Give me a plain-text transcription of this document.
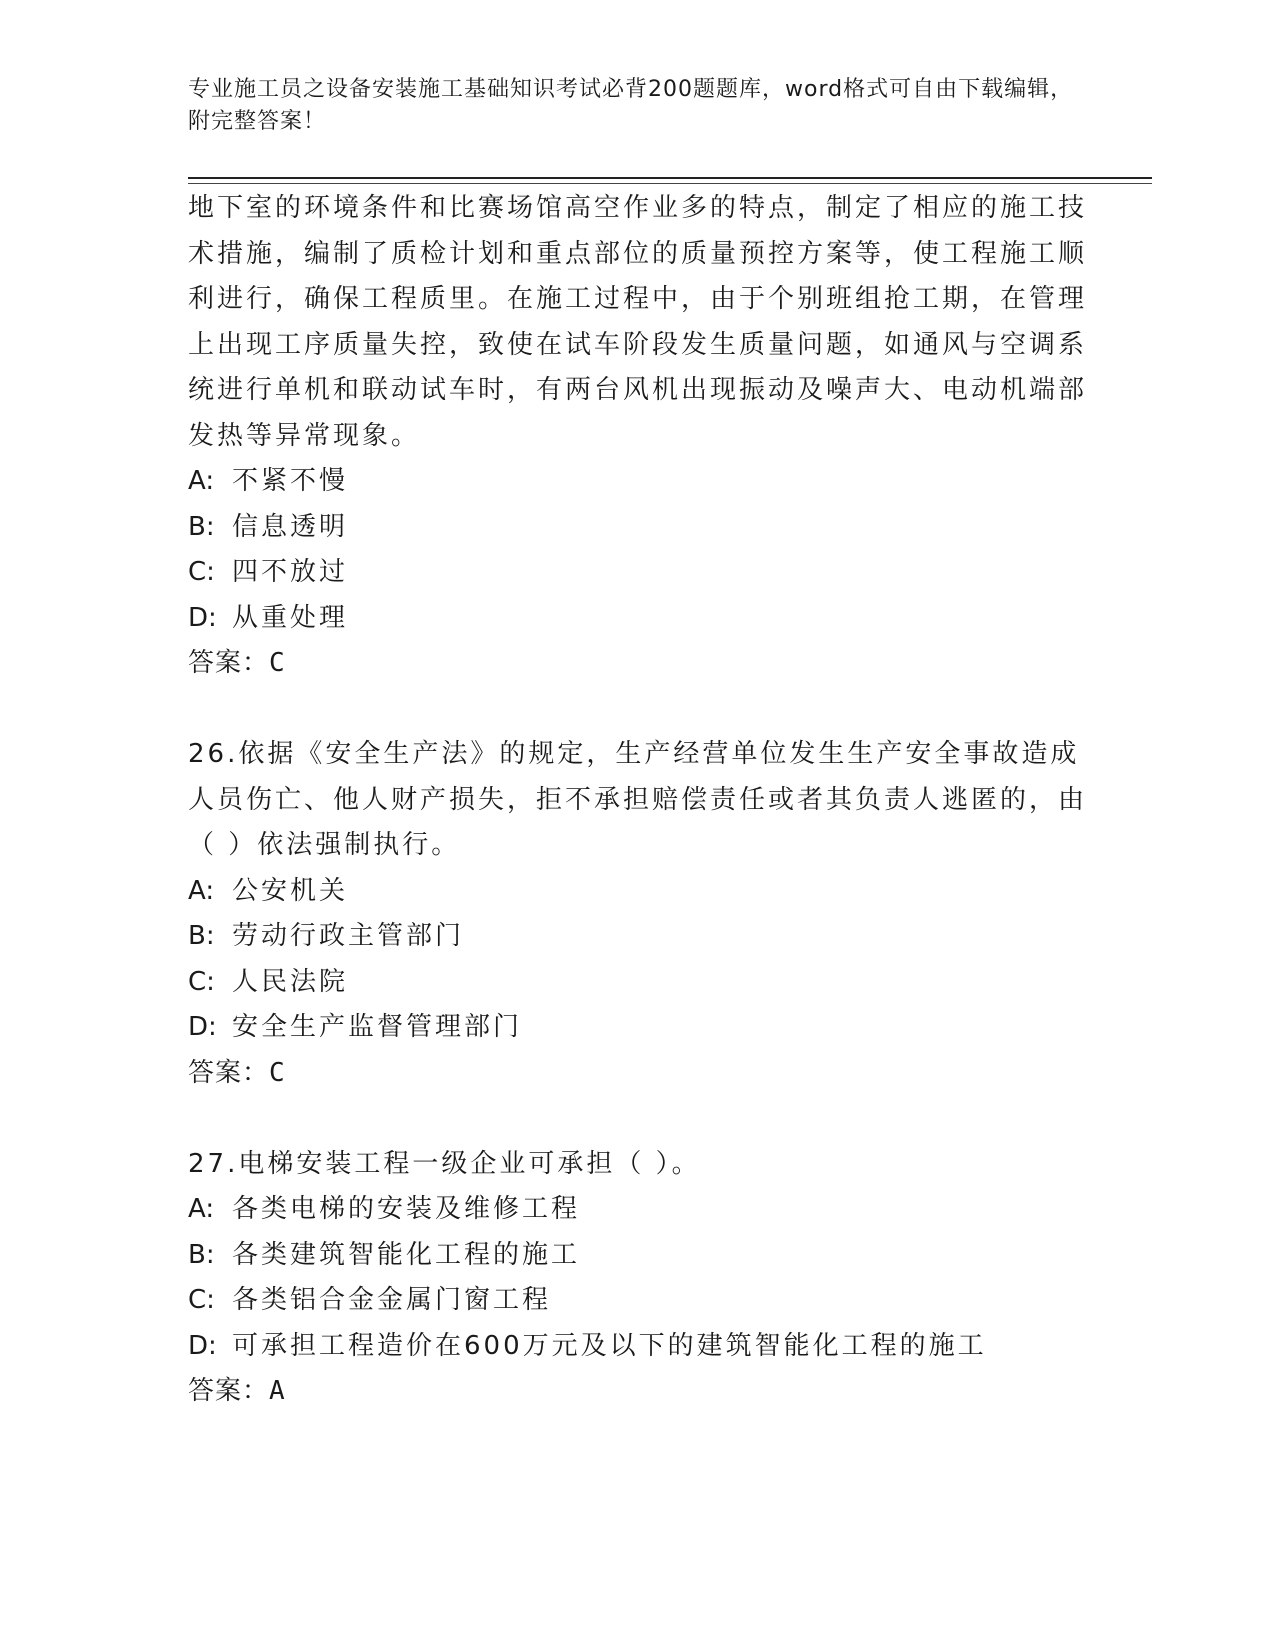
专业施工员之设备安装施工基础知识考试必背200题题库，word格式可自由下载编辑，附完整答案！

地下室的环境条件和比赛场馆高空作业多的特点，制定了相应的施工技术措施，编制了质检计划和重点部位的质量预控方案等，使工程施工顺利进行，确保工程质里。在施工过程中，由于个别班组抢工期，在管理上出现工序质量失控，致使在试车阶段发生质量问题，如通风与空调系统进行单机和联动试车时，有两台风机出现振动及噪声大、电动机端部发热等异常现象。

A: 不紧不慢

B: 信息透明

C: 四不放过

D: 从重处理

答案：C

26.依据《安全生产法》的规定，生产经营单位发生生产安全事故造成人员伤亡、他人财产损失，拒不承担赔偿责任或者其负责人逃匿的，由（ ）依法强制执行。

A: 公安机关

B: 劳动行政主管部门

C: 人民法院

D: 安全生产监督管理部门

答案：C

27.电梯安装工程一级企业可承担（ ）。

A: 各类电梯的安装及维修工程

B: 各类建筑智能化工程的施工

C: 各类铝合金金属门窗工程

D: 可承担工程造价在600万元及以下的建筑智能化工程的施工

答案：A
